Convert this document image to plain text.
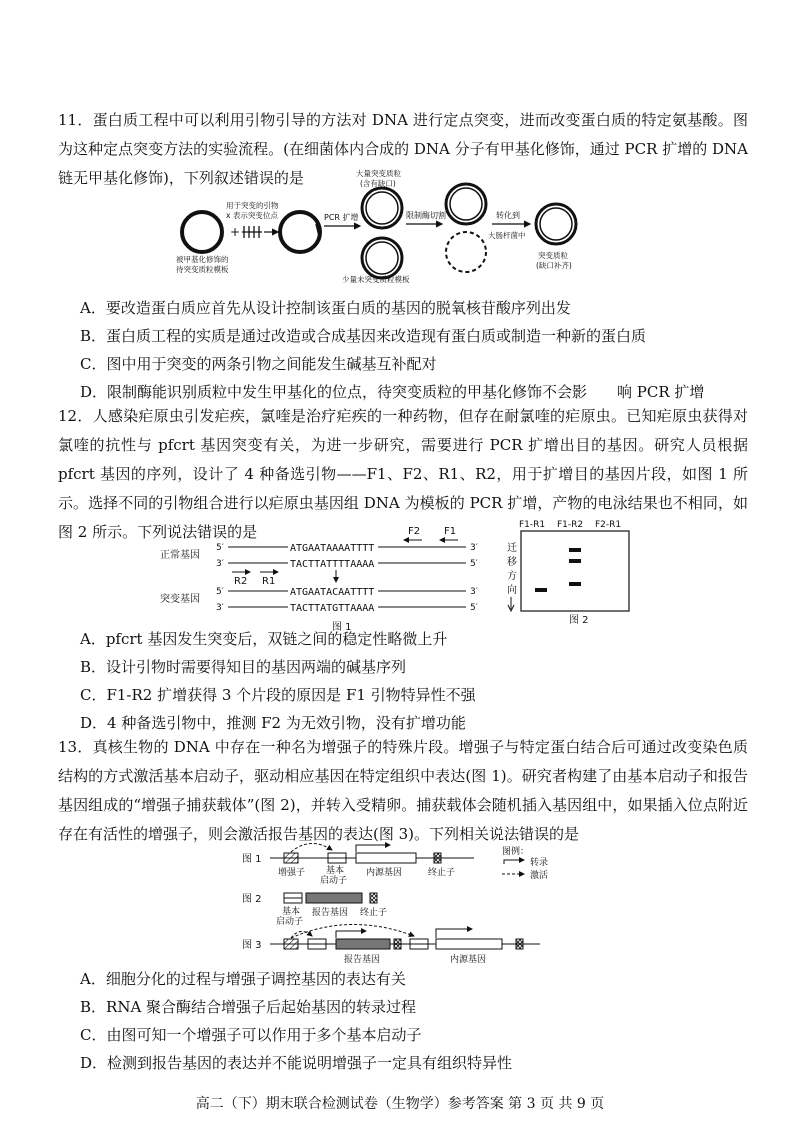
11．蛋白质工程中可以利用引物引导的方法对 DNA 进行定点突变，进而改变蛋白质的特定氨基酸。图为这种定点突变方法的实验流程。(在细菌体内合成的 DNA 分子有甲基化修饰，通过 PCR 扩增的 DNA 链无甲基化修饰)，下列叙述错误的是
被甲基化修饰的
待突变质粒模板
用于突变的引物
x 表示突变位点
+
PCR 扩增
大量突变质粒
(含有缺口)
少量未突变质粒模板
限制酶切割	转化到
大肠杆菌中
突变质粒
(缺口补齐)
A．要改造蛋白质应首先从设计控制该蛋白质的基因的脱氧核苷酸序列出发
B．蛋白质工程的实质是通过改造或合成基因来改造现有蛋白质或制造一种新的蛋白质
C．图中用于突变的两条引物之间能发生碱基互补配对
D．限制酶能识别质粒中发生甲基化的位点，待突变质粒的甲基化修饰不会影　　响 PCR 扩增
12．人感染疟原虫引发疟疾，氯喹是治疗疟疾的一种药物，但存在耐氯喹的疟原虫。已知疟原虫获得对氯喹的抗性与 pfcrt 基因突变有关，为进一步研究，需要进行 PCR 扩增出目的基因。研究人员根据 pfcrt 基因的序列，设计了 4 种备选引物——F1、F2、R1、R2，用于扩增目的基因片段，如图 1 所示。选择不同的引物组合进行以疟原虫基因组 DNA 为模板的 PCR 扩增，产物的电泳结果也不相同，如图 2 所示。下列说法错误的是	F2 F1
正常基因
5′	ATGAATAAAATTTT	3′
3′	TACTTATTTTAAAA	5′
R2 R1
突变基因
5′	ATGAATACAATTTT	3′
3′	TACTTATGTTAAAA	5′
图 1
F1-R1 F1-R2 F2-R1
迁
移
方
向
图 2
A．pfcrt 基因发生突变后，双链之间的稳定性略微上升
B．设计引物时需要得知目的基因两端的碱基序列
C．F1-R2 扩增获得 3 个片段的原因是 F1 引物特异性不强
D．4 种备选引物中，推测 F2 为无效引物，没有扩增功能
13．真核生物的 DNA 中存在一种名为增强子的特殊片段。增强子与特定蛋白结合后可通过改变染色质结构的方式激活基本启动子，驱动相应基因在特定组织中表达(图 1)。研究者构建了由基本启动子和报告基因组成的“增强子捕获载体”(图 2)，并转入受精卵。捕获载体会随机插入基因组中，如果插入位点附近存在有活性的增强子，则会激活报告基因的表达(图 3)。下列相关说法错误的是
图 1
增强子 基本
启动子
内源基因	终止子
图例：
转录
激活
图 2
基本
启动子
报告基因 终止子
图 3
报告基因	内源基因
A．细胞分化的过程与增强子调控基因的表达有关
B．RNA 聚合酶结合增强子后起始基因的转录过程
C．由图可知一个增强子可以作用于多个基本启动子
D．检测到报告基因的表达并不能说明增强子一定具有组织特异性
高二（下）期末联合检测试卷（生物学）参考答案 第 3 页 共 9 页
